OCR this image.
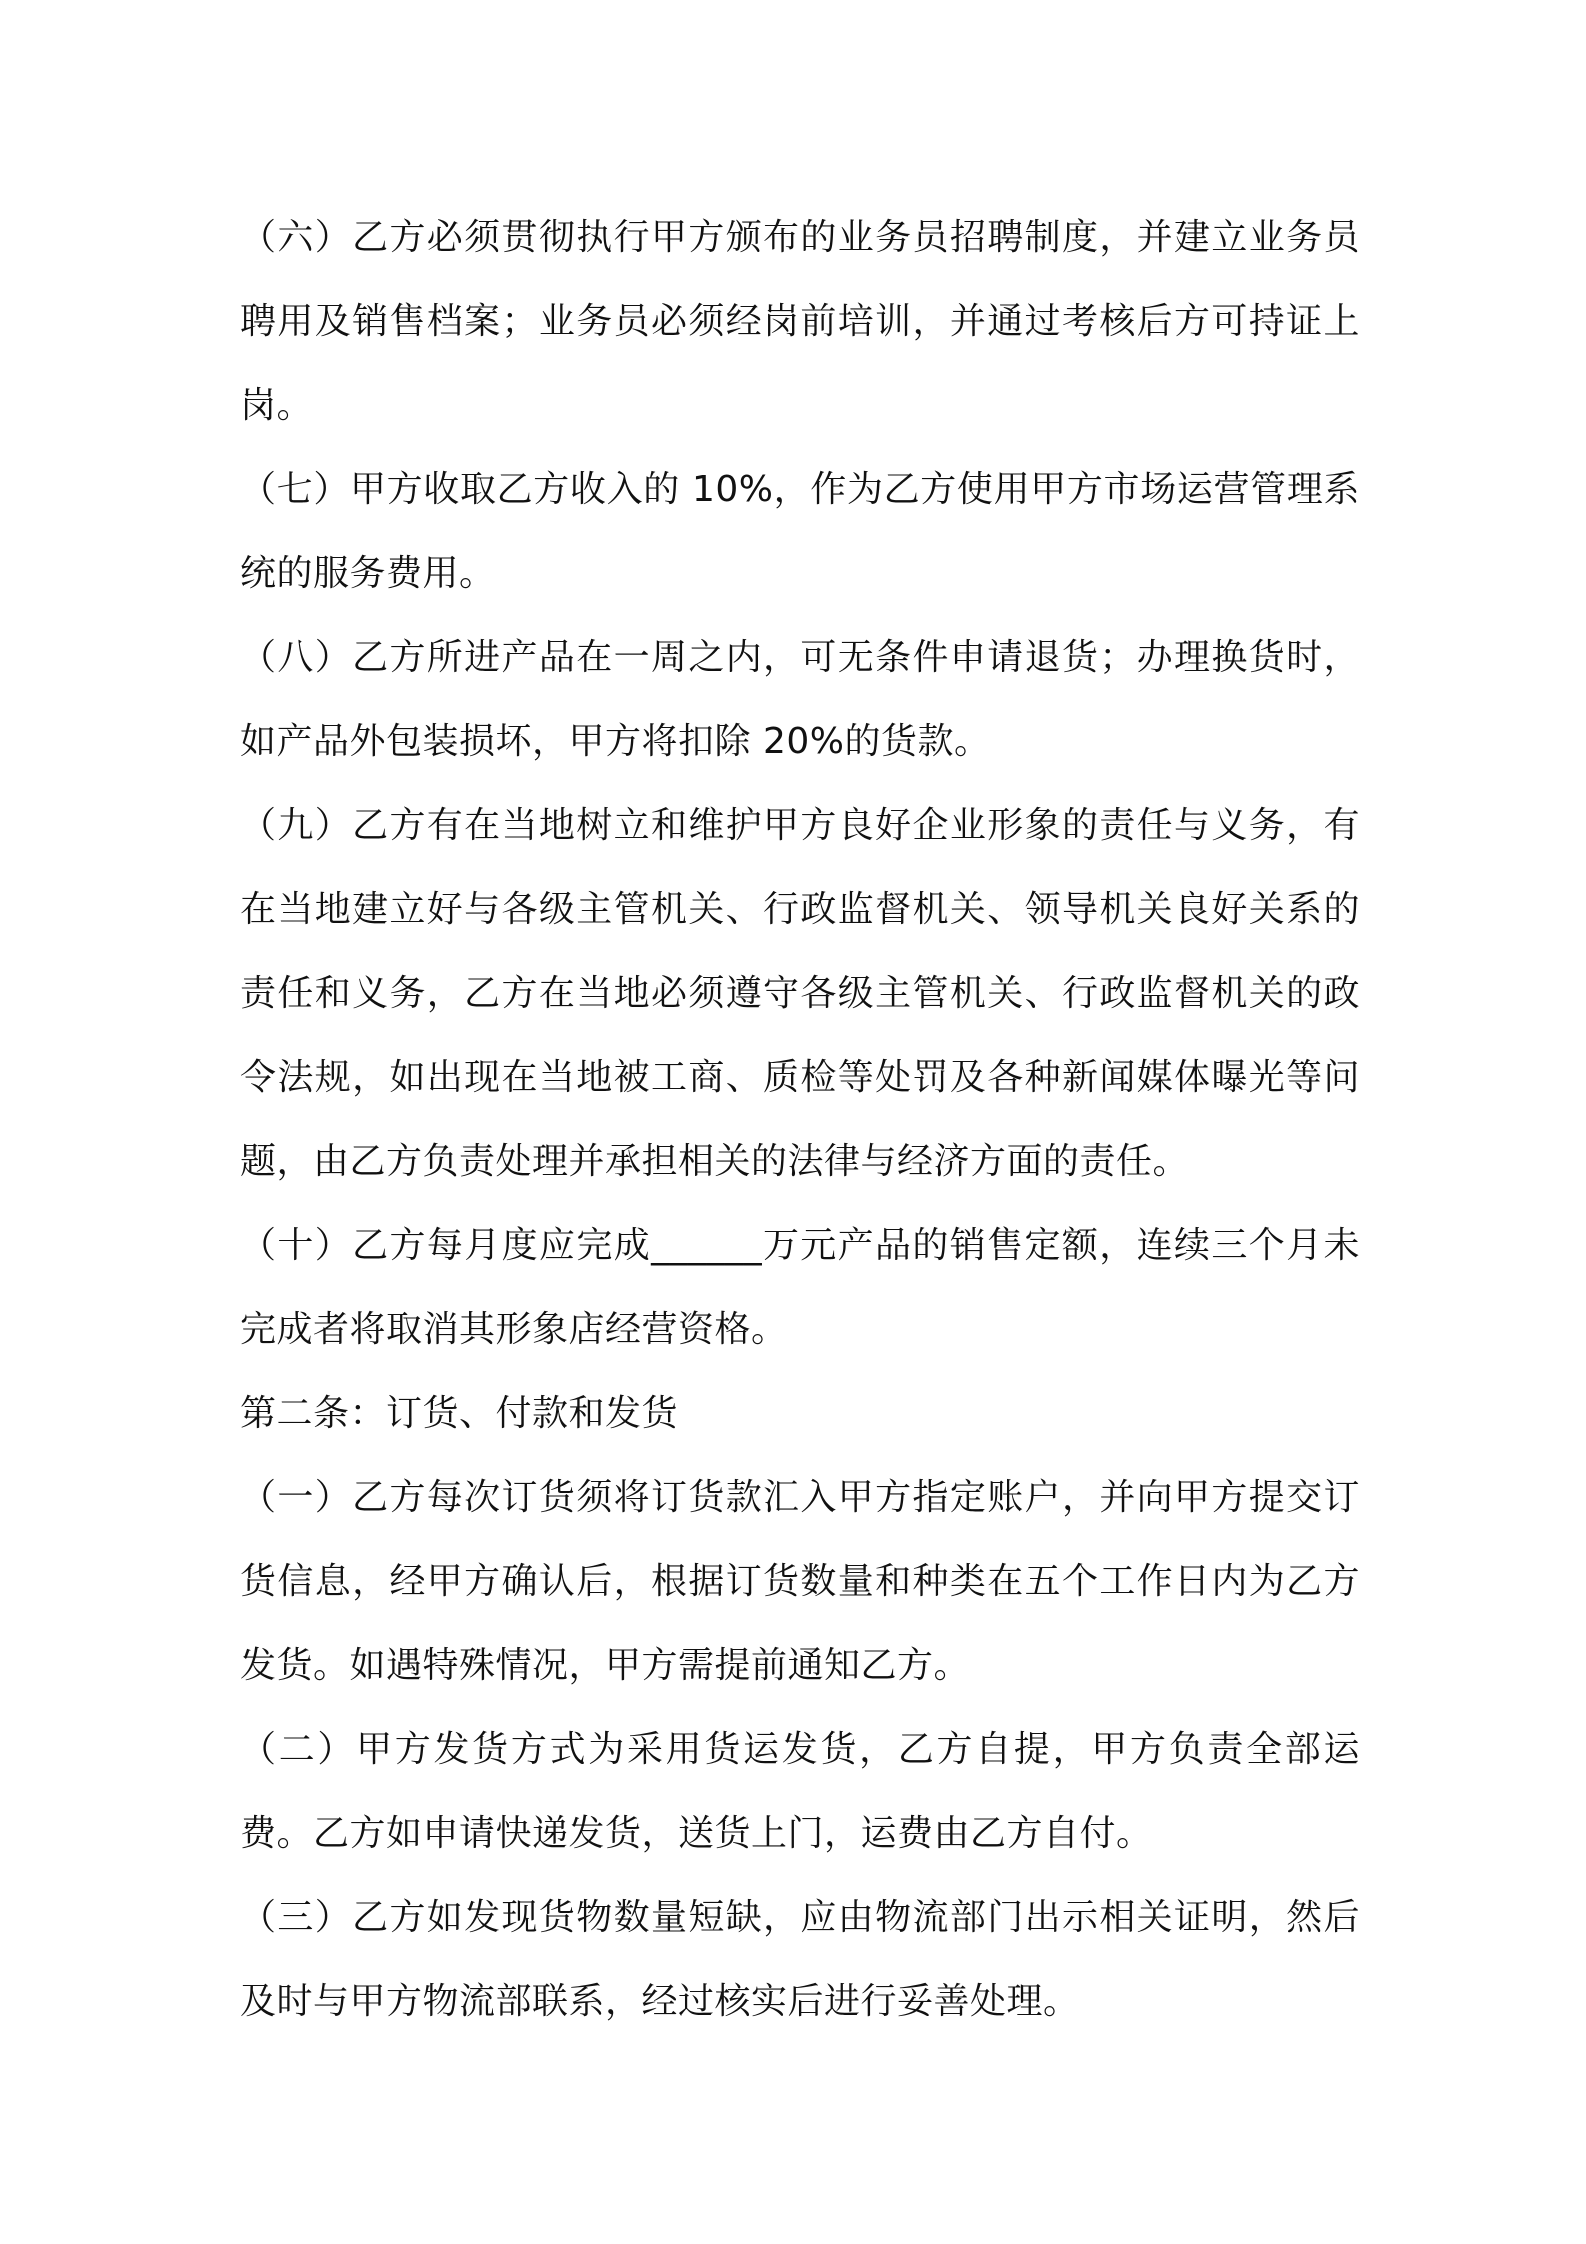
（六）乙方必须贯彻执行甲方颁布的业务员招聘制度，并建立业务员聘用及销售档案；业务员必须经岗前培训，并通过考核后方可持证上岗。

（七）甲方收取乙方收入的 10%，作为乙方使用甲方市场运营管理系统的服务费用。

（八）乙方所进产品在一周之内，可无条件申请退货；办理换货时，如产品外包装损坏，甲方将扣除 20%的货款。

（九）乙方有在当地树立和维护甲方良好企业形象的责任与义务，有在当地建立好与各级主管机关、行政监督机关、领导机关良好关系的责任和义务，乙方在当地必须遵守各级主管机关、行政监督机关的政令法规，如出现在当地被工商、质检等处罚及各种新闻媒体曝光等问题，由乙方负责处理并承担相关的法律与经济方面的责任。

（十）乙方每月度应完成______万元产品的销售定额，连续三个月未完成者将取消其形象店经营资格。

第二条：订货、付款和发货

（一）乙方每次订货须将订货款汇入甲方指定账户，并向甲方提交订货信息，经甲方确认后，根据订货数量和种类在五个工作日内为乙方发货。如遇特殊情况，甲方需提前通知乙方。

（二）甲方发货方式为采用货运发货，乙方自提，甲方负责全部运费。乙方如申请快递发货，送货上门，运费由乙方自付。

（三）乙方如发现货物数量短缺，应由物流部门出示相关证明，然后及时与甲方物流部联系，经过核实后进行妥善处理。
